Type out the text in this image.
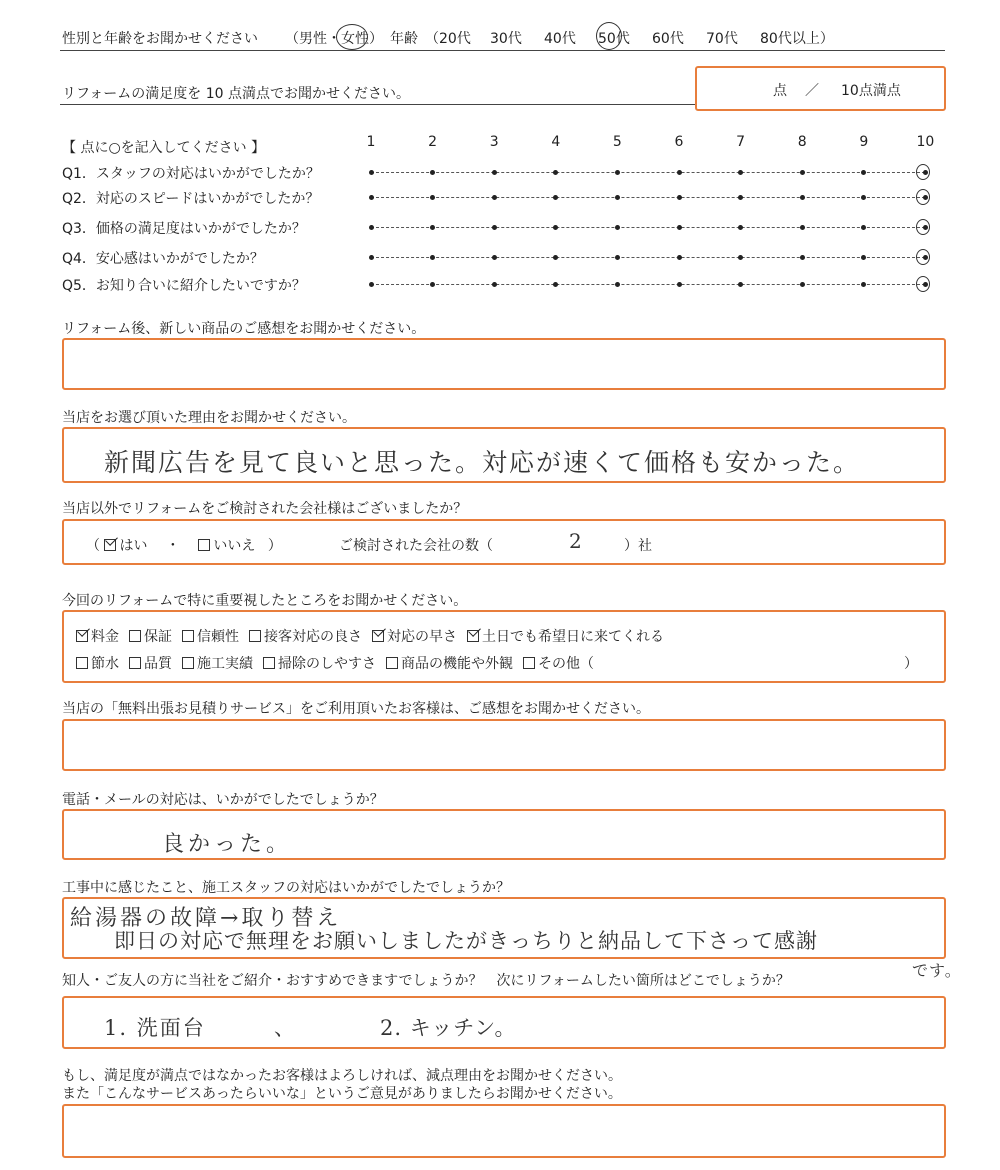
性別と年齢をお聞かせください （男性・女性） 年齢 （20代 30代 40代 50代 60代 70代 80代以上）
リフォームの満足度を 10 点満点でお聞かせください。	点 ／ 10点満点
【 点に○を記入してください 】	1	2	3	4	5	6	7	8	9	10
Q1．スタッフの対応はいかがでしたか？
Q2．対応のスピードはいかがでしたか？
Q3．価格の満足度はいかがでしたか？
Q4．安心感はいかがでしたか？
Q5．お知り合いに紹介したいですか？
リフォーム後、新しい商品のご感想をお聞かせください。
当店をお選び頂いた理由をお聞かせください。
新聞広告を見て良いと思った。対応が速くて価格も安かった。
当店以外でリフォームをご検討された会社様はございましたか？
（ はい ・ いいえ ）	ご検討された会社の数（	2	）社
今回のリフォームで特に重要視したところをお聞かせください。
料金 保証 信頼性 接客対応の良さ 対応の早さ 土日でも希望日に来てくれる
節水 品質 施工実績 掃除のしやすさ 商品の機能や外観 その他（	）
当店の「無料出張お見積りサービス」をご利用頂いたお客様は、ご感想をお聞かせください。
電話・メールの対応は、いかがでしたでしょうか？
良かった。
工事中に感じたこと、施工スタッフの対応はいかがでしたでしょうか？
給湯器の故障→取り替え
即日の対応で無理をお願いしましたがきっちりと納品して下さって感謝
です。
知人・ご友人の方に当社をご紹介・おすすめできますでしょうか？　次にリフォームしたい箇所はどこでしょうか？
1. 洗面台	、	2. キッチン。
もし、満足度が満点ではなかったお客様はよろしければ、減点理由をお聞かせください。
また「こんなサービスあったらいいな」というご意見がありましたらお聞かせください。
